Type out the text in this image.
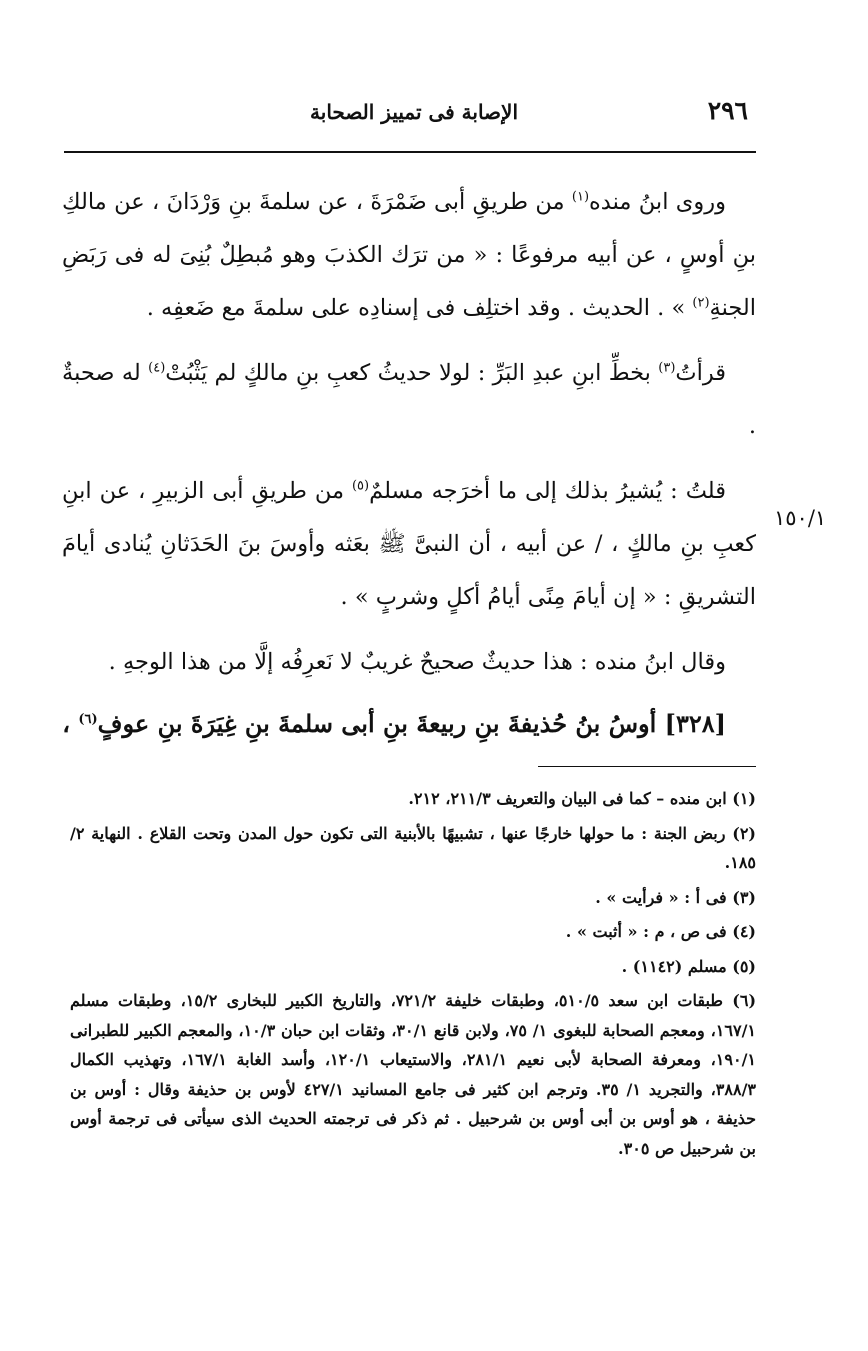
٢٩٦
الإصابة فى تمييز الصحابة
١٥٠/١

وروى ابنُ منده$^{(١)}$ من طريقِ أبى ضَمْرَةَ ، عن سلمةَ بنِ وَرْدَانَ ، عن مالكِ بنِ أوسٍ ، عن أبيه مرفوعًا : « من ترَك الكذبَ وهو مُبطِلٌ بُنِىَ له فى رَبَضِ الجنةِ$^{(٢)}$ » . الحديث . وقد اختلِف فى إسنادِه على سلمةَ مع ضَعفِه .

قرأتُ$^{(٣)}$ بخطِّ ابنِ عبدِ البَرِّ : لولا حديثُ كعبِ بنِ مالكٍ لم يَثْبُتْ$^{(٤)}$ له صحبةٌ .

قلتُ : يُشيرُ بذلك إلى ما أخرَجه مسلمٌ$^{(٥)}$ من طريقِ أبى الزبيرِ ، عن ابنِ كعبِ بنِ مالكٍ ، / عن أبيه ، أن النبىَّ ﷺ بعَثه وأوسَ بنَ الحَدَثانِ يُنادى أيامَ التشريقِ : « إن أيامَ مِنًى أيامُ أكلٍ وشربٍ » .

وقال ابنُ منده : هذا حديثٌ صحيحٌ غريبٌ لا نَعرِفُه إلَّا من هذا الوجهِ .

[٣٢٨] أوسُ بنُ حُذيفةَ بنِ ربيعةَ بنِ أبى سلمةَ بنِ غِيَرَةَ بنِ عوفٍ$^{(٦)}$ ،

(١) ابن منده – كما فى البيان والتعريف ٢١١/٣، ٢١٢.

(٢) ربض الجنة : ما حولها خارجًا عنها ، تشبيهًا بالأبنية التى تكون حول المدن وتحت القلاع . النهاية ٢/ ١٨٥.

(٣) فى أ : « فرأيت » .

(٤) فى ص ، م : « أثبت » .

(٥) مسلم (١١٤٢) .

(٦) طبقات ابن سعد ٥١٠/٥، وطبقات خليفة ٧٢١/٢، والتاريخ الكبير للبخارى ١٥/٢، وطبقات مسلم ١٦٧/١، ومعجم الصحابة للبغوى ١/ ٧٥، ولابن قانع ٣٠/١، وثقات ابن حبان ١٠/٣، والمعجم الكبير للطبرانى ١٩٠/١، ومعرفة الصحابة لأبى نعيم ٢٨١/١، والاستيعاب ١٢٠/١، وأسد الغابة ١٦٧/١، وتهذيب الكمال ٣٨٨/٣، والتجريد ١/ ٣٥. وترجم ابن كثير فى جامع المسانيد ٤٢٧/١ لأوس بن حذيفة وقال : أوس بن حذيفة ، هو أوس بن أبى أوس بن شرحبيل . ثم ذكر فى ترجمته الحديث الذى سيأتى فى ترجمة أوس بن شرحبيل ص ٣٠٥.
